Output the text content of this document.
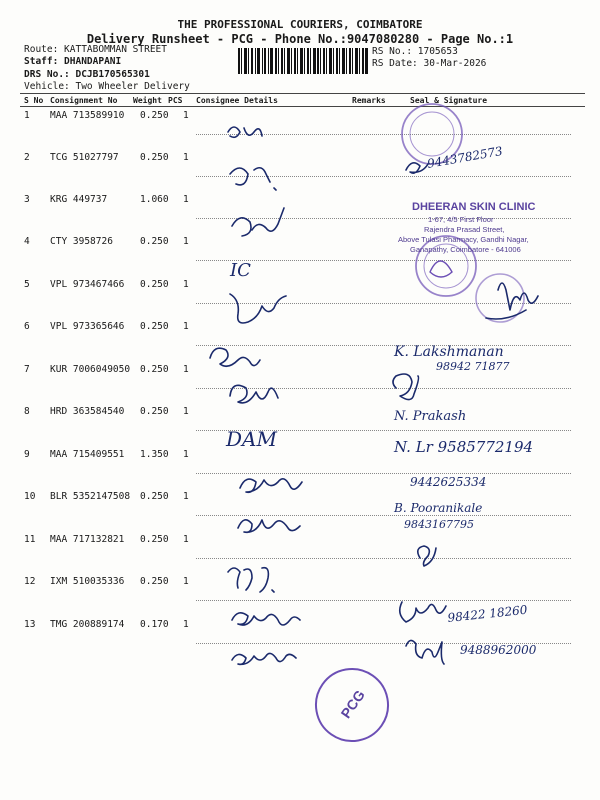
THE PROFESSIONAL COURIERS, COIMBATORE
Delivery Runsheet - PCG - Phone No.:9047080280 - Page No.:1
Route: KATTABOMMAN STREET
Staff: DHANDAPANI
DRS No.: DCJB170565301
Vehicle: Two Wheeler Delivery
RS No.: 1705653
RS Date: 30-Mar-2026
S No Consignment No Weight PCS Consignee Details	Remarks	Seal & Signature
1 MAA 713589910 0.250 1
2 TCG 51027797 0.250 1
3 KRG 449737	1.060 1
4 CTY 3958726	0.250 1
5 VPL 973467466 0.250 1
6 VPL 973365646 0.250 1
7 KUR 7006049050 0.250 1
8 HRD 363584540 0.250 1
9 MAA 715409551 1.350 1
10 BLR 5352147508 0.250 1
11 MAA 717132821 0.250 1
12 IXM 510035336 0.250 1
13 TMG 200889174 0.170 1
DHEERAN SKIN CLINIC
1-67, 4/5 First Floor
Rajendra Prasad Street,
Above Tulasi Pharmacy, Gandhi Nagar,
Ganapathy, Coimbatore - 641006
PCG
IC
DAM
9443782573
K. Lakshmanan
98942 71877
N. Prakash
N. Lr 9585772194
9442625334
B. Pooranikale
9843167795
98422 18260
9488962000
